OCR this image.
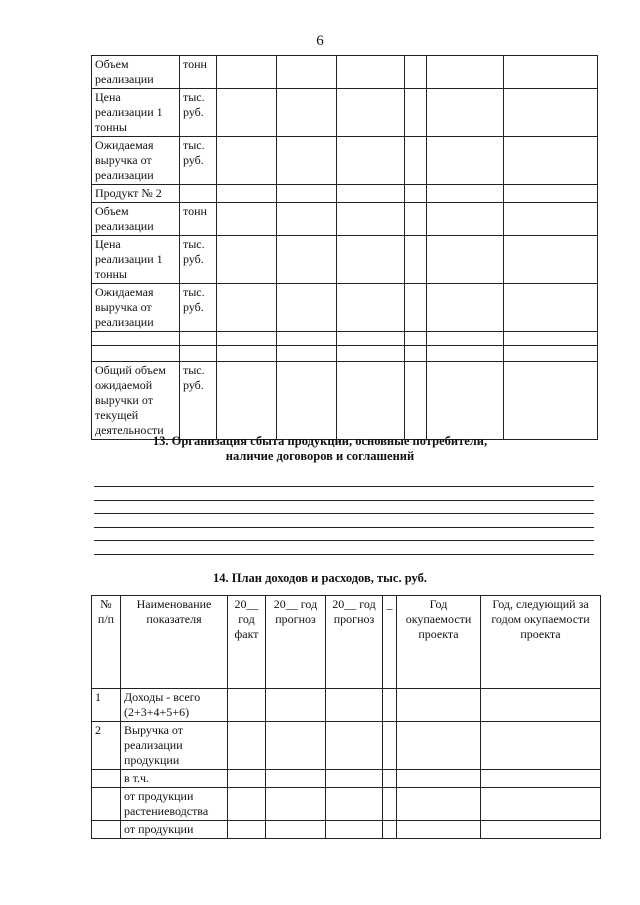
6
Объем реализации	тонн						
Цена реализации 1 тонны	тыс. руб.						
Ожидаемая выручка от реализации	тыс. руб.						
Продукт № 2							
Объем реализации	тонн						
Цена реализации 1 тонны	тыс. руб.						
Ожидаемая выручка от реализации	тыс. руб.						

Общий объем ожидаемой выручки от текущей деятельности	тыс. руб.						
13. Организация сбыта продукции, основные потребители,
наличие договоров и соглашений
14. План доходов и расходов, тыс. руб.
№ п/п	Наименование показателя	20__ год факт	20__ год прогноз	20__ год прогноз	_	Год окупаемости проекта	Год, следующий за годом окупаемости проекта
1	Доходы - всего (2+3+4+5+6)						
2	Выручка от реализации продукции						
	в т.ч.						
	от продукции растениеводства						
	от продукции						
